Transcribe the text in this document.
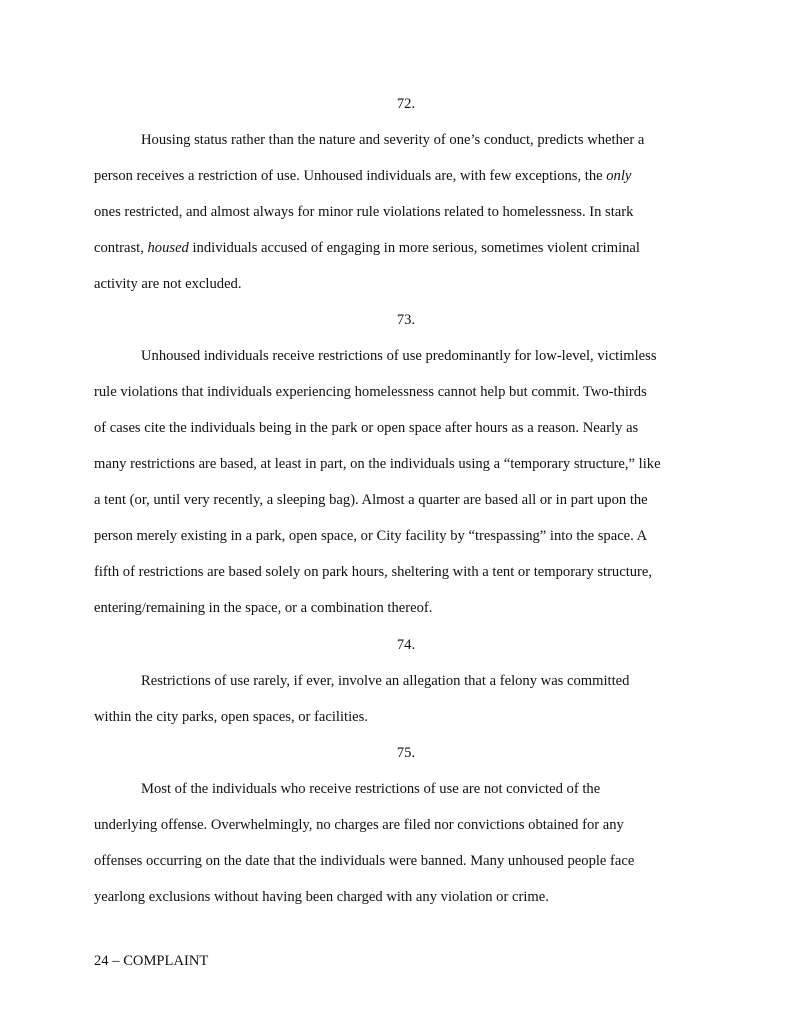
72.
Housing status rather than the nature and severity of one’s conduct, predicts whether a
person receives a restriction of use. Unhoused individuals are, with few exceptions, the only
ones restricted, and almost always for minor rule violations related to homelessness. In stark
contrast, housed individuals accused of engaging in more serious, sometimes violent criminal
activity are not excluded.
73.
Unhoused individuals receive restrictions of use predominantly for low-level, victimless
rule violations that individuals experiencing homelessness cannot help but commit. Two-thirds
of cases cite the individuals being in the park or open space after hours as a reason. Nearly as
many restrictions are based, at least in part, on the individuals using a “temporary structure,” like
a tent (or, until very recently, a sleeping bag). Almost a quarter are based all or in part upon the
person merely existing in a park, open space, or City facility by “trespassing” into the space. A
fifth of restrictions are based solely on park hours, sheltering with a tent or temporary structure,
entering/remaining in the space, or a combination thereof.
74.
Restrictions of use rarely, if ever, involve an allegation that a felony was committed
within the city parks, open spaces, or facilities.
75.
Most of the individuals who receive restrictions of use are not convicted of the
underlying offense. Overwhelmingly, no charges are filed nor convictions obtained for any
offenses occurring on the date that the individuals were banned. Many unhoused people face
yearlong exclusions without having been charged with any violation or crime.
24 – COMPLAINT
